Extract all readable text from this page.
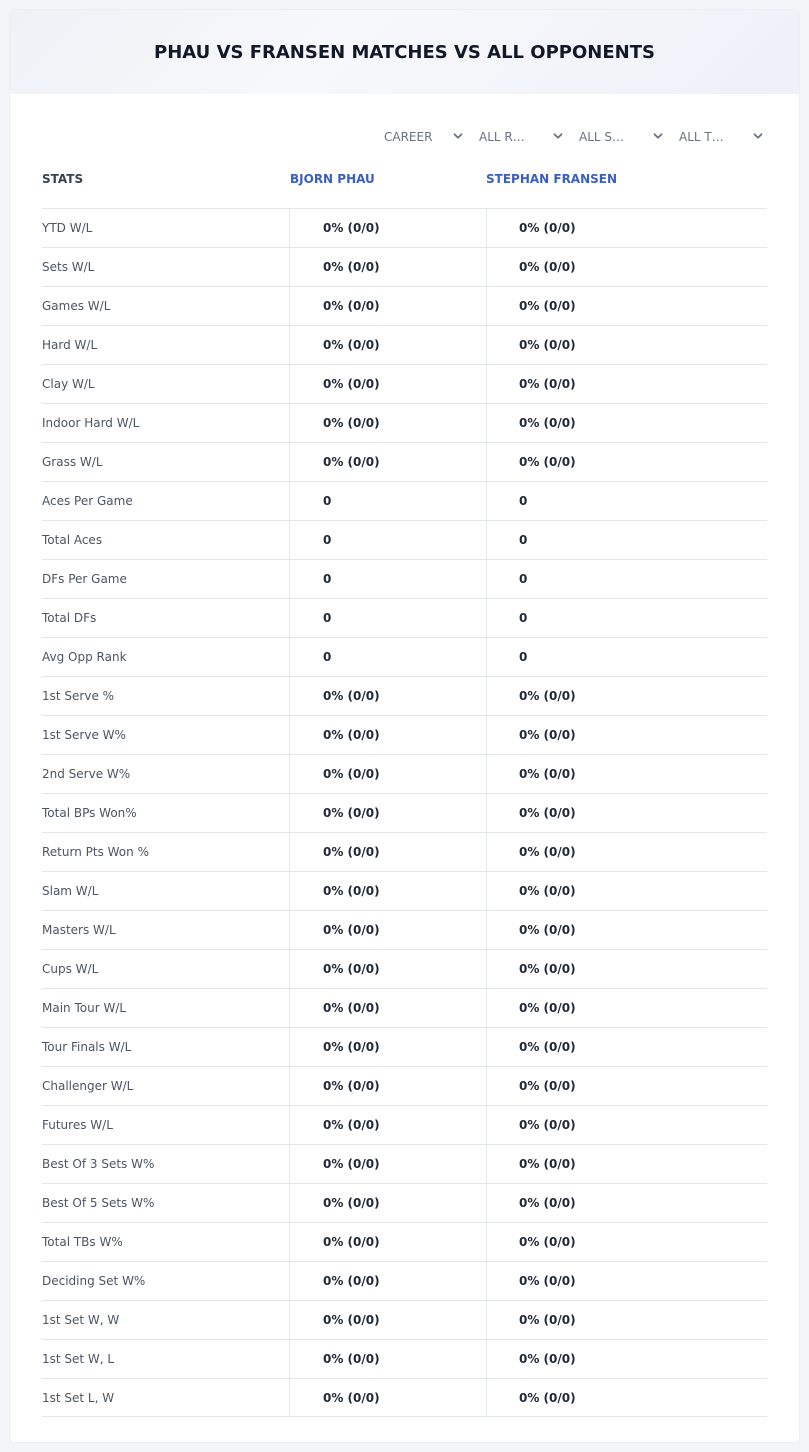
PHAU VS FRANSEN MATCHES VS ALL OPPONENTS
CAREER	ALL R…	ALL S…	ALL T…
STATS	BJORN PHAU	STEPHAN FRANSEN
YTD W/L	0% (0/0)	0% (0/0)
Sets W/L	0% (0/0)	0% (0/0)
Games W/L	0% (0/0)	0% (0/0)
Hard W/L	0% (0/0)	0% (0/0)
Clay W/L	0% (0/0)	0% (0/0)
Indoor Hard W/L	0% (0/0)	0% (0/0)
Grass W/L	0% (0/0)	0% (0/0)
Aces Per Game	0	0
Total Aces	0	0
DFs Per Game	0	0
Total DFs	0	0
Avg Opp Rank	0	0
1st Serve %	0% (0/0)	0% (0/0)
1st Serve W%	0% (0/0)	0% (0/0)
2nd Serve W%	0% (0/0)	0% (0/0)
Total BPs Won%	0% (0/0)	0% (0/0)
Return Pts Won %	0% (0/0)	0% (0/0)
Slam W/L	0% (0/0)	0% (0/0)
Masters W/L	0% (0/0)	0% (0/0)
Cups W/L	0% (0/0)	0% (0/0)
Main Tour W/L	0% (0/0)	0% (0/0)
Tour Finals W/L	0% (0/0)	0% (0/0)
Challenger W/L	0% (0/0)	0% (0/0)
Futures W/L	0% (0/0)	0% (0/0)
Best Of 3 Sets W%	0% (0/0)	0% (0/0)
Best Of 5 Sets W%	0% (0/0)	0% (0/0)
Total TBs W%	0% (0/0)	0% (0/0)
Deciding Set W%	0% (0/0)	0% (0/0)
1st Set W, W	0% (0/0)	0% (0/0)
1st Set W, L	0% (0/0)	0% (0/0)
1st Set L, W	0% (0/0)	0% (0/0)
